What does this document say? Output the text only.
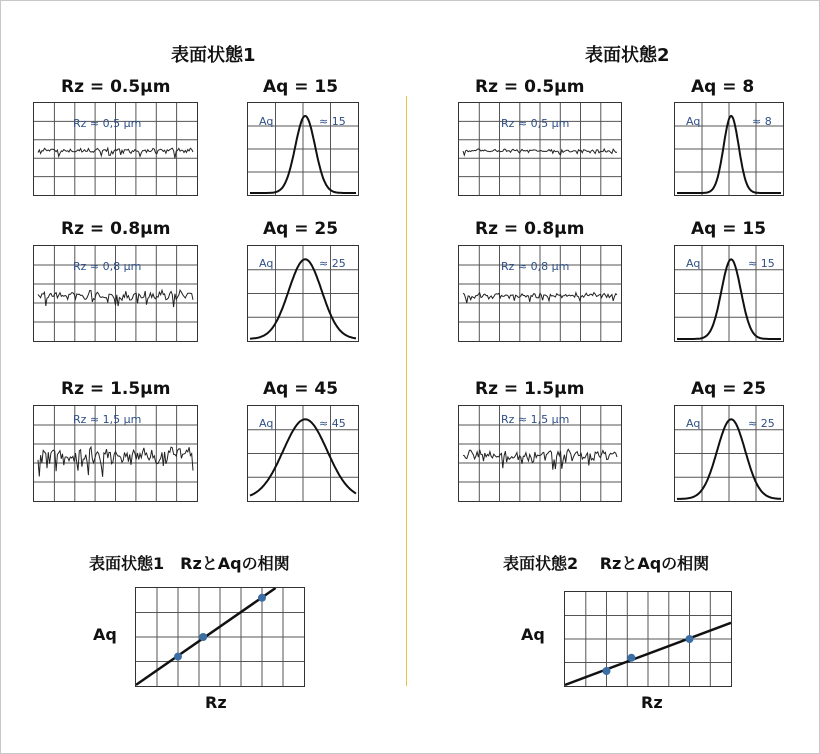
表面状態1
Rz = 0.5μm	Aq = 15
Rz ≈ 0,5 μm	Aq	≈ 15
Rz = 0.8μm	Aq = 25
Rz ≈ 0,8 μm	Aq	≈ 25
Rz = 1.5μm	Aq = 45
Rz ≈ 1,5 μm	Aq	≈ 45
表面状態1　RzとAqの相関
Aq
Rz
表面状態2
Rz = 0.5μm	Aq = 8
Rz ≈ 0,5 μm	Aq	≈ 8
Rz = 0.8μm	Aq = 15
Rz ≈ 0,8 μm	Aq	≈ 15
Rz = 1.5μm	Aq = 25
Rz ≈ 1,5 μm	Aq	≈ 25
表面状態2　 RzとAqの相関
Aq
Rz
